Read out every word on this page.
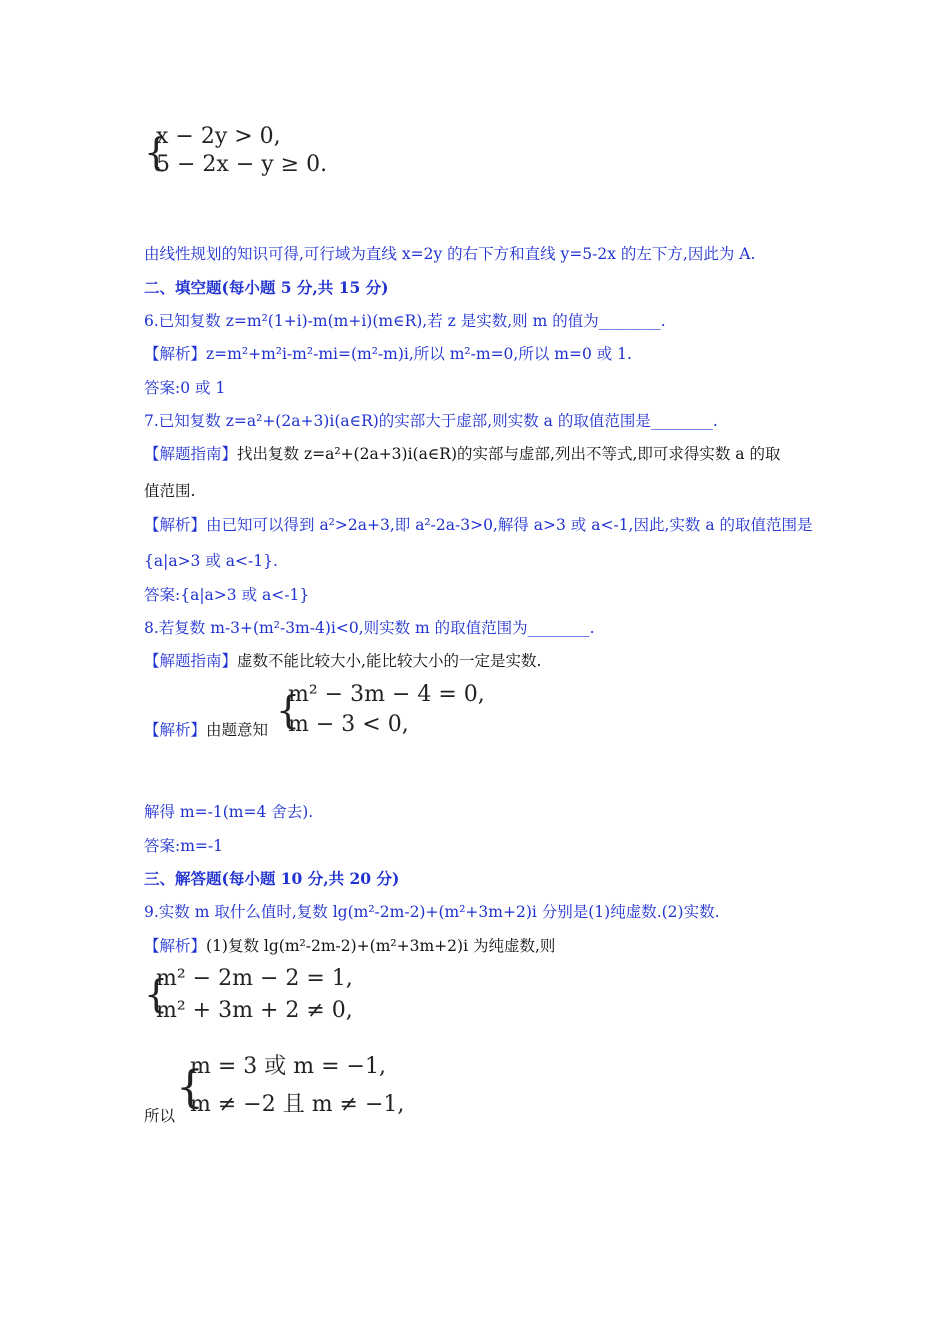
{
x − 2y > 0,
5 − 2x − y ≥ 0.
由线性规划的知识可得,可行域为直线 x=2y 的右下方和直线 y=5-2x 的左下方,因此为 A.
二、填空题(每小题 5 分,共 15 分)
6.已知复数 z=m²(1+i)-m(m+i)(m∈R),若 z 是实数,则 m 的值为________.
【解析】z=m²+m²i-m²-mi=(m²-m)i,所以 m²-m=0,所以 m=0 或 1.
答案:0 或 1
7.已知复数 z=a²+(2a+3)i(a∈R)的实部大于虚部,则实数 a 的取值范围是________.
【解题指南】找出复数 z=a²+(2a+3)i(a∈R)的实部与虚部,列出不等式,即可求得实数 a 的取
值范围.
【解析】由已知可以得到 a²>2a+3,即 a²-2a-3>0,解得 a>3 或 a<-1,因此,实数 a 的取值范围是
{a|a>3 或 a<-1}.
答案:{a|a>3 或 a<-1}
8.若复数 m-3+(m²-3m-4)i<0,则实数 m 的取值范围为________.
【解题指南】虚数不能比较大小,能比较大小的一定是实数.
【解析】由题意知 {
m² − 3m − 4 = 0,
m − 3 < 0,
解得 m=-1(m=4 舍去).
答案:m=-1
三、解答题(每小题 10 分,共 20 分)
9.实数 m 取什么值时,复数 lg(m²-2m-2)+(m²+3m+2)i 分别是(1)纯虚数.(2)实数.
【解析】(1)复数 lg(m²-2m-2)+(m²+3m+2)i 为纯虚数,则
{
m² − 2m − 2 = 1,
m² + 3m + 2 ≠ 0,
所以
{
m = 3 或 m = −1,
m ≠ −2 且 m ≠ −1,
